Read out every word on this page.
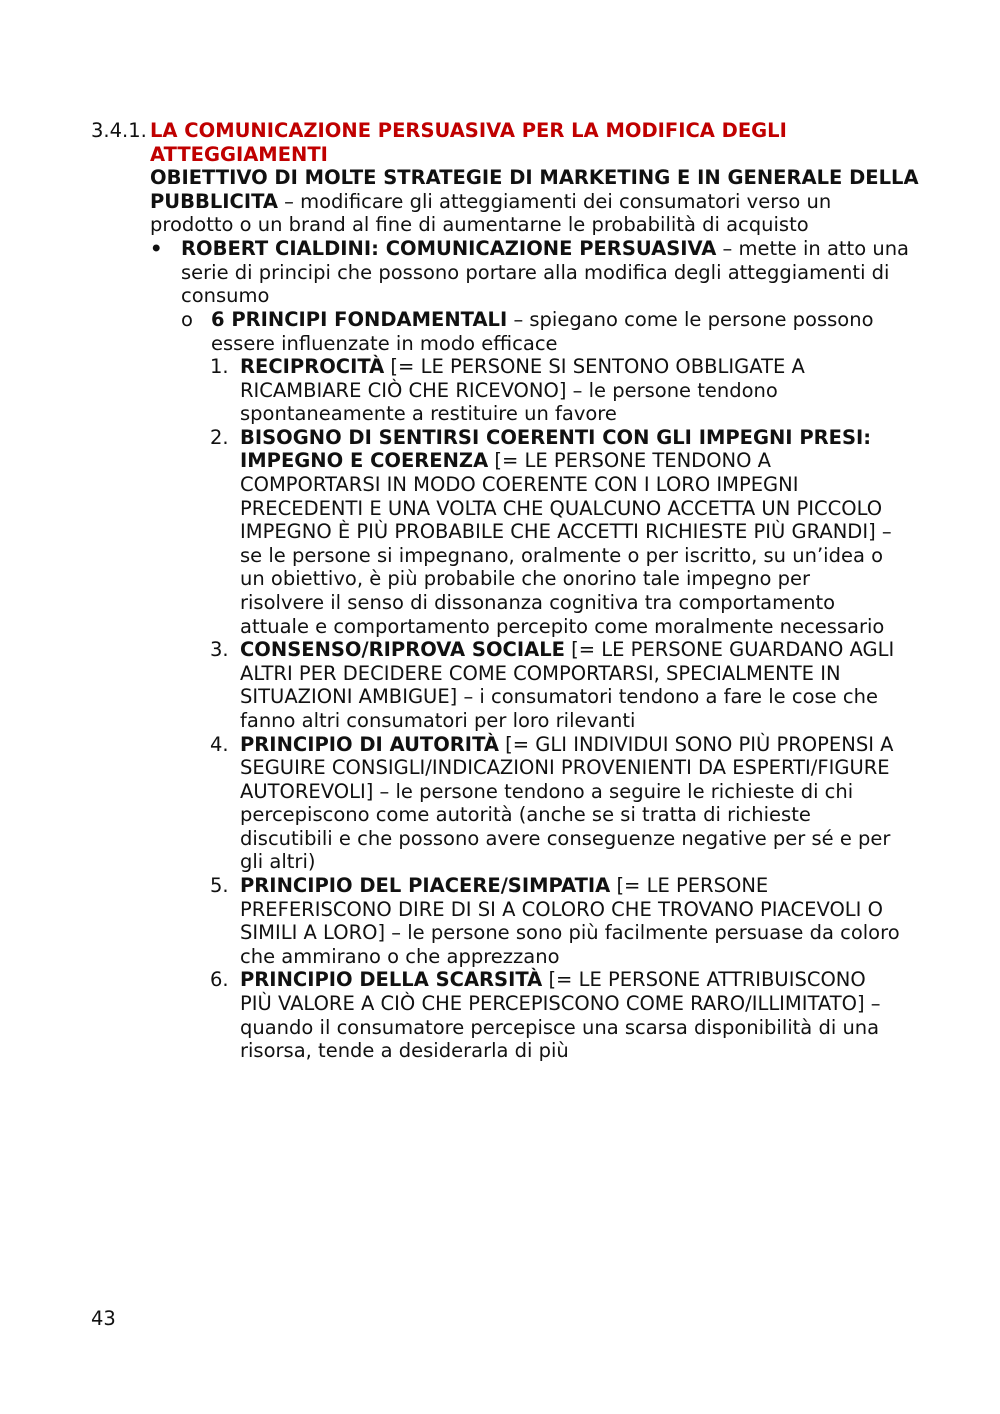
3.4.1. LA COMUNICAZIONE PERSUASIVA PER LA MODIFICA DEGLI ATTEGGIAMENTI
OBIETTIVO DI MOLTE STRATEGIE DI MARKETING E IN GENERALE DELLA PUBBLICITA – modificare gli atteggiamenti dei consumatori verso un prodotto o un brand al fine di aumentarne le probabilità di acquisto
• ROBERT CIALDINI: COMUNICAZIONE PERSUASIVA – mette in atto una serie di principi che possono portare alla modifica degli atteggiamenti di consumo
o 6 PRINCIPI FONDAMENTALI – spiegano come le persone possono essere influenzate in modo efficace
1. RECIPROCITÀ [= LE PERSONE SI SENTONO OBBLIGATE A RICAMBIARE CIÒ CHE RICEVONO] – le persone tendono spontaneamente a restituire un favore
2. BISOGNO DI SENTIRSI COERENTI CON GLI IMPEGNI PRESI: IMPEGNO E COERENZA [= LE PERSONE TENDONO A COMPORTARSI IN MODO COERENTE CON I LORO IMPEGNI PRECEDENTI E UNA VOLTA CHE QUALCUNO ACCETTA UN PICCOLO IMPEGNO È PIÙ PROBABILE CHE ACCETTI RICHIESTE PIÙ GRANDI] – se le persone si impegnano, oralmente o per iscritto, su un’idea o un obiettivo, è più probabile che onorino tale impegno per risolvere il senso di dissonanza cognitiva tra comportamento attuale e comportamento percepito come moralmente necessario
3. CONSENSO/RIPROVA SOCIALE [= LE PERSONE GUARDANO AGLI ALTRI PER DECIDERE COME COMPORTARSI, SPECIALMENTE IN SITUAZIONI AMBIGUE] – i consumatori tendono a fare le cose che fanno altri consumatori per loro rilevanti
4. PRINCIPIO DI AUTORITÀ [= GLI INDIVIDUI SONO PIÙ PROPENSI A SEGUIRE CONSIGLI/INDICAZIONI PROVENIENTI DA ESPERTI/FIGURE AUTOREVOLI] – le persone tendono a seguire le richieste di chi percepiscono come autorità (anche se si tratta di richieste discutibili e che possono avere conseguenze negative per sé e per gli altri)
5. PRINCIPIO DEL PIACERE/SIMPATIA [= LE PERSONE PREFERISCONO DIRE DI SI A COLORO CHE TROVANO PIACEVOLI O SIMILI A LORO] – le persone sono più facilmente persuase da coloro che ammirano o che apprezzano
6. PRINCIPIO DELLA SCARSITÀ [= LE PERSONE ATTRIBUISCONO PIÙ VALORE A CIÒ CHE PERCEPISCONO COME RARO/ILLIMITATO] – quando il consumatore percepisce una scarsa disponibilità di una risorsa, tende a desiderarla di più
43
